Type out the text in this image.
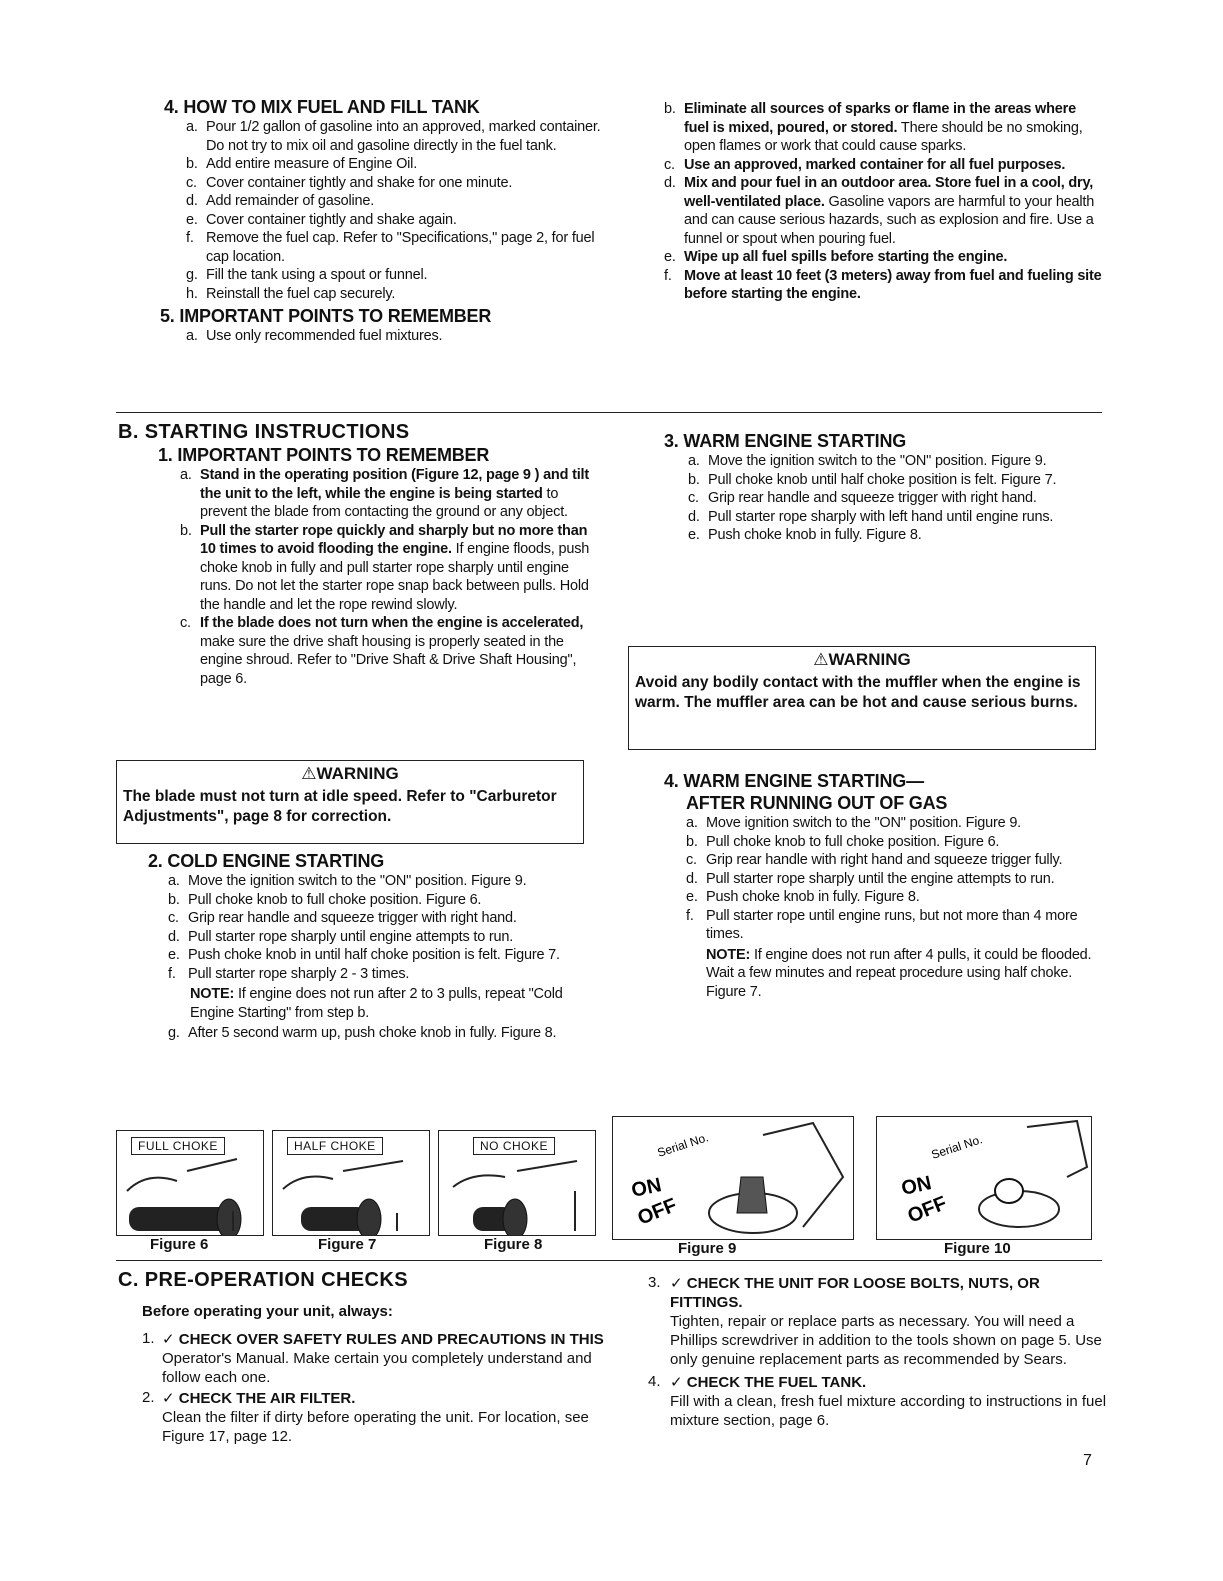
4. HOW TO MIX FUEL AND FILL TANK

a. Pour 1/2 gallon of gasoline into an approved, marked container. Do not try to mix oil and gasoline directly in the fuel tank.
b. Add entire measure of Engine Oil.
c. Cover container tightly and shake for one minute.
d. Add remainder of gasoline.
e. Cover container tightly and shake again.
f. Remove the fuel cap. Refer to "Specifications," page 2, for fuel cap location.
g. Fill the tank using a spout or funnel.
h. Reinstall the fuel cap securely.

5. IMPORTANT POINTS TO REMEMBER

a. Use only recommended fuel mixtures.
b. Eliminate all sources of sparks or flame in the areas where fuel is mixed, poured, or stored. There should be no smoking, open flames or work that could cause sparks.
c. Use an approved, marked container for all fuel purposes.
d. Mix and pour fuel in an outdoor area. Store fuel in a cool, dry, well-ventilated place. Gasoline vapors are harmful to your health and can cause serious hazards, such as explosion and fire. Use a funnel or spout when pouring fuel.
e. Wipe up all fuel spills before starting the engine.
f. Move at least 10 feet (3 meters) away from fuel and fueling site before starting the engine.

B. STARTING INSTRUCTIONS

1. IMPORTANT POINTS TO REMEMBER

a. Stand in the operating position (Figure 12, page 9 ) and tilt the unit to the left, while the engine is being started to prevent the blade from contacting the ground or any object.
b. Pull the starter rope quickly and sharply but no more than 10 times to avoid flooding the engine. If engine floods, push choke knob in fully and pull starter rope sharply until engine runs. Do not let the starter rope snap back between pulls. Hold the handle and let the rope rewind slowly.
c. If the blade does not turn when the engine is accelerated, make sure the drive shaft housing is properly seated in the engine shroud. Refer to "Drive Shaft & Drive Shaft Housing", page 6.
⚠WARNING
The blade must not turn at idle speed. Refer to "Carburetor Adjustments", page 8 for correction.

2. COLD ENGINE STARTING

a. Move the ignition switch to the "ON" position. Figure 9.
b. Pull choke knob to full choke position. Figure 6.
c. Grip rear handle and squeeze trigger with right hand.
d. Pull starter rope sharply until engine attempts to run.
e. Push choke knob in until half choke position is felt. Figure 7.
f. Pull starter rope sharply 2 - 3 times.

NOTE: If engine does not run after 2 to 3 pulls, repeat "Cold Engine Starting" from step b.

g. After 5 second warm up, push choke knob in fully. Figure 8.

3. WARM ENGINE STARTING

a. Move the ignition switch to the "ON" position. Figure 9.
b. Pull choke knob until half choke position is felt. Figure 7.
c. Grip rear handle and squeeze trigger with right hand.
d. Pull starter rope sharply with left hand until engine runs.
e. Push choke knob in fully. Figure 8.
⚠WARNING
Avoid any bodily contact with the muffler when the engine is warm. The muffler area can be hot and cause serious burns.

4. WARM ENGINE STARTING—

AFTER RUNNING OUT OF GAS

a. Move ignition switch to the "ON" position. Figure 9.
b. Pull choke knob to full choke position. Figure 6.
c. Grip rear handle with right hand and squeeze trigger fully.
d. Pull starter rope sharply until the engine attempts to run.
e. Push choke knob in fully. Figure 8.
f. Pull starter rope until engine runs, but not more than 4 more times.

NOTE: If engine does not run after 4 pulls, it could be flooded. Wait a few minutes and repeat procedure using half choke. Figure 7.

FULL CHOKE	HALF CHOKE	NO CHOKE
Figure 6	Figure 7	Figure 8
Serial No.
ON
OFF
Serial No.
ON
OFF
Figure 9	Figure 10

C. PRE-OPERATION CHECKS

Before operating your unit, always:

1. ✓ CHECK OVER SAFETY RULES AND PRECAUTIONS IN THIS Operator's Manual. Make certain you completely understand and follow each one.
2. ✓ CHECK THE AIR FILTER.
Clean the filter if dirty before operating the unit. For location, see Figure 17, page 12.
3. ✓ CHECK THE UNIT FOR LOOSE BOLTS, NUTS, OR FITTINGS.
Tighten, repair or replace parts as necessary. You will need a Phillips screwdriver in addition to the tools shown on page 5. Use only genuine replacement parts as recommended by Sears.
4. ✓ CHECK THE FUEL TANK.
Fill with a clean, fresh fuel mixture according to instructions in fuel mixture section, page 6.
7
